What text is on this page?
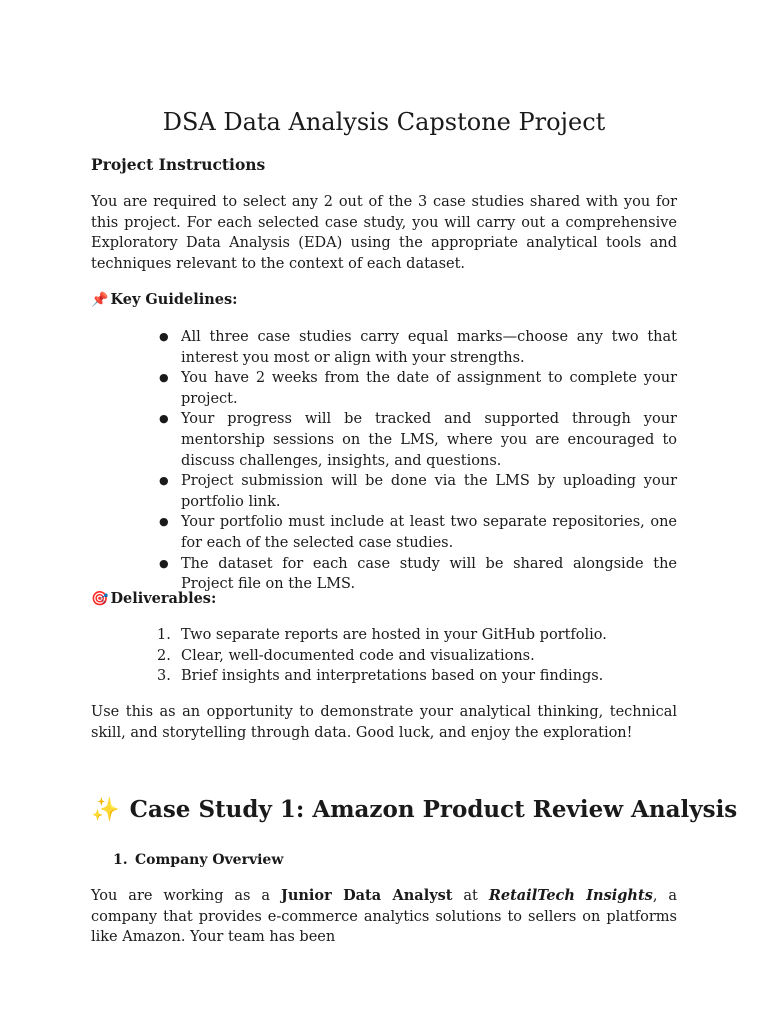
DSA Data Analysis Capstone Project
Project Instructions
You are required to select any 2 out of the 3 case studies shared with you for this project. For each selected case study, you will carry out a comprehensive Exploratory Data Analysis (EDA) using the appropriate analytical tools and techniques relevant to the context of each dataset.
📌 Key Guidelines:
● All three case studies carry equal marks—choose any two that interest you most or align with your strengths.
● You have 2 weeks from the date of assignment to complete your project.
● Your progress will be tracked and supported through your mentorship sessions on the LMS, where you are encouraged to discuss challenges, insights, and questions.
● Project submission will be done via the LMS by uploading your portfolio link.
● Your portfolio must include at least two separate repositories, one for each of the selected case studies.
● The dataset for each case study will be shared alongside the Project file on the LMS.
🎯 Deliverables:
1. Two separate reports are hosted in your GitHub portfolio.
2. Clear, well-documented code and visualizations.
3. Brief insights and interpretations based on your findings.
Use this as an opportunity to demonstrate your analytical thinking, technical skill, and storytelling through data. Good luck, and enjoy the exploration!
✨ Case Study 1: Amazon Product Review Analysis
1. Company Overview
You are working as a Junior Data Analyst at RetailTech Insights, a company that provides e-commerce analytics solutions to sellers on platforms like Amazon. Your team has been
